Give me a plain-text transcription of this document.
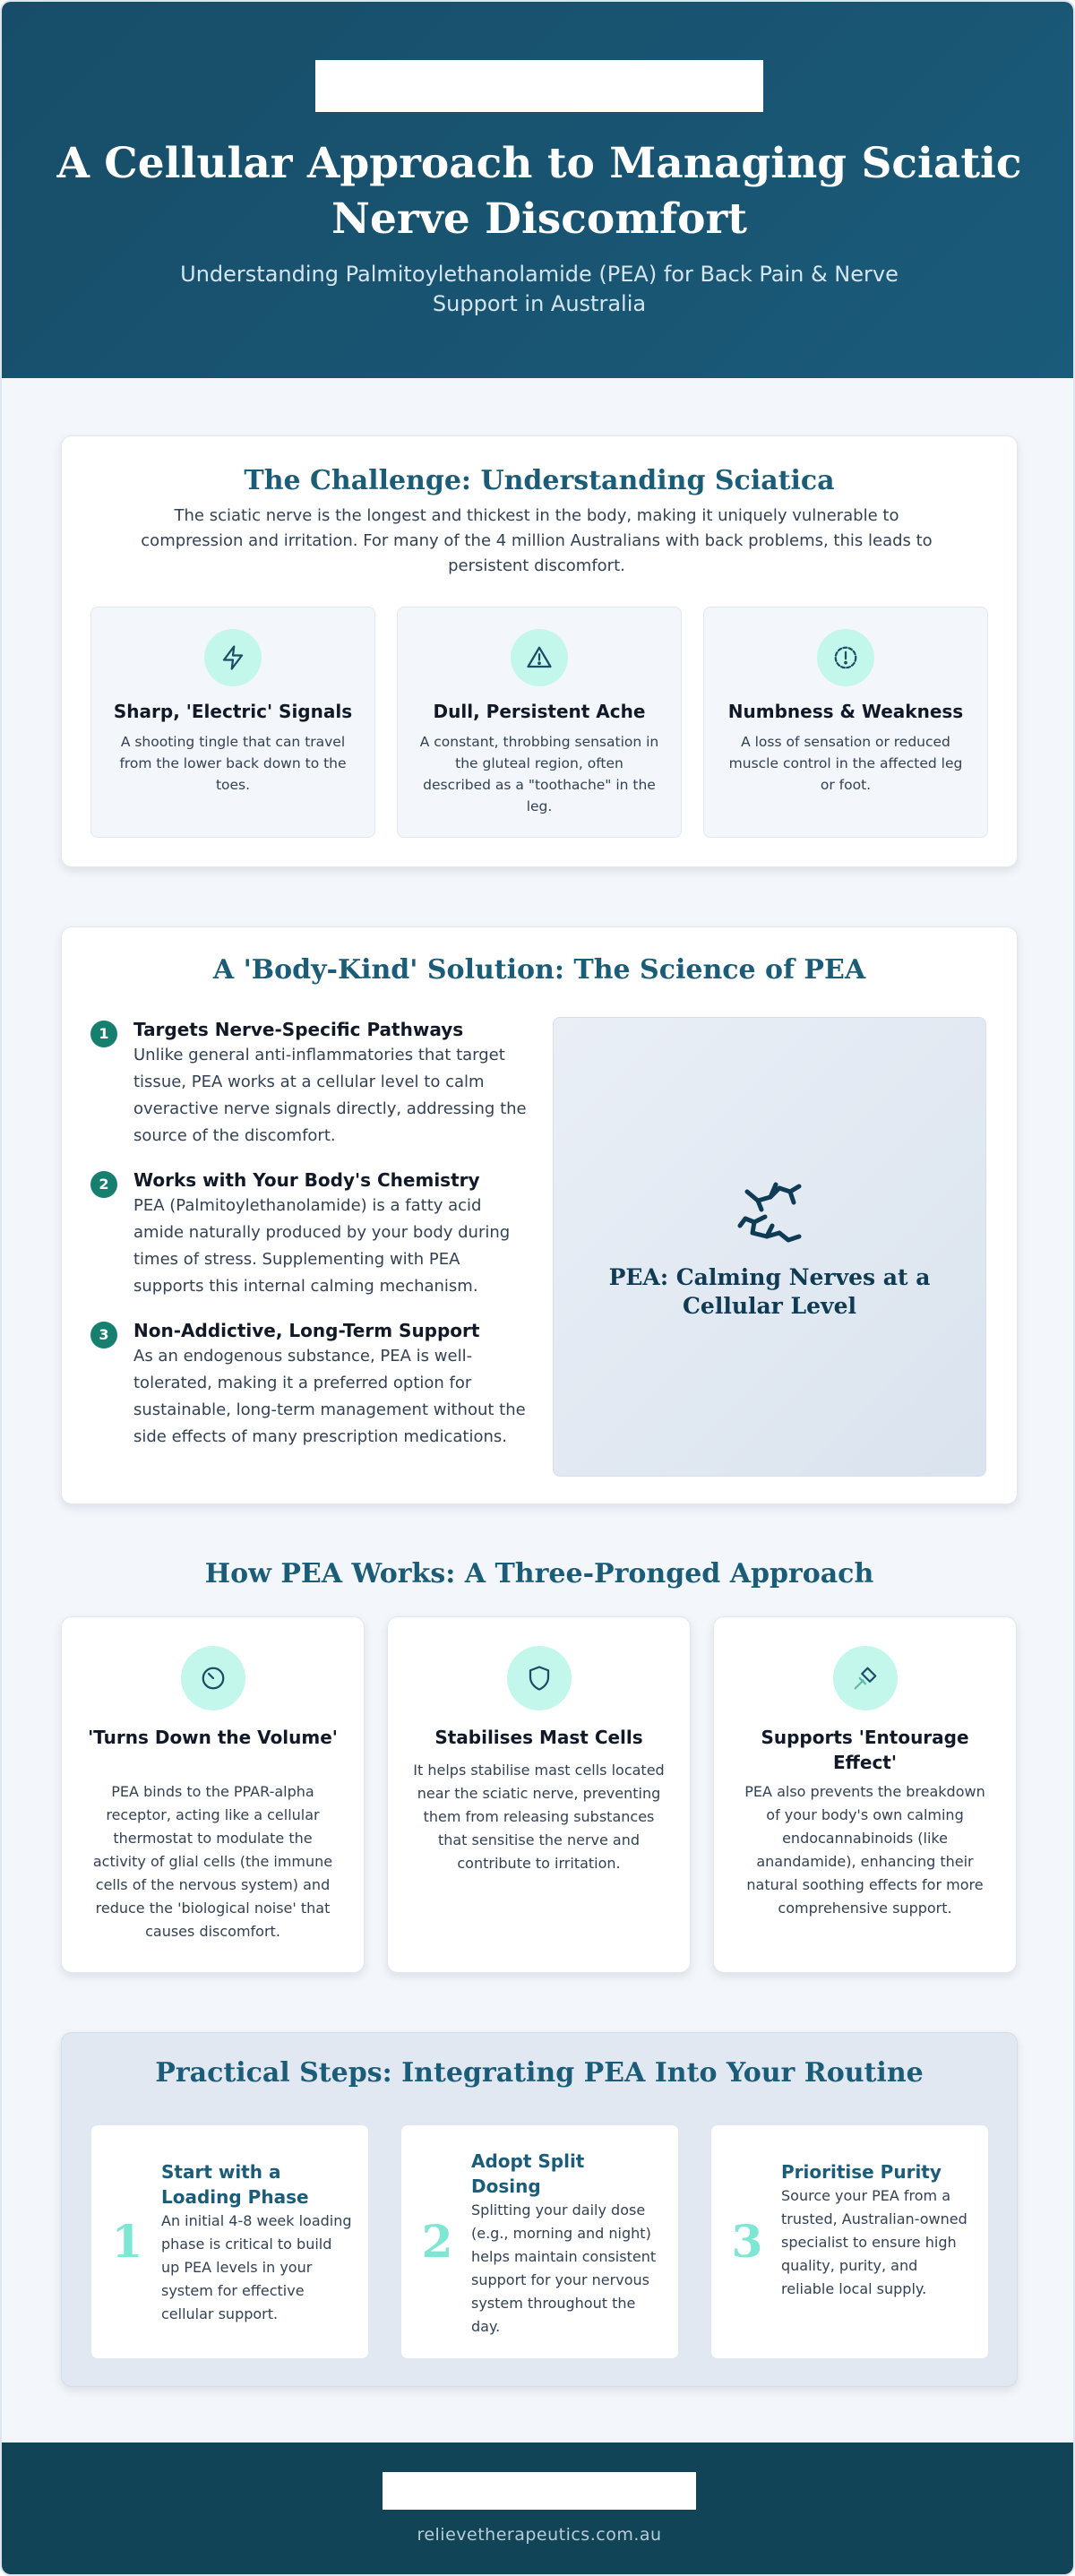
A Cellular Approach to Managing Sciatic Nerve Discomfort
Understanding Palmitoylethanolamide (PEA) for Back Pain & Nerve Support in Australia
The Challenge: Understanding Sciatica
The sciatic nerve is the longest and thickest in the body, making it uniquely vulnerable to compression and irritation. For many of the 4 million Australians with back problems, this leads to persistent discomfort.
Sharp, 'Electric' Signals
A shooting tingle that can travel from the lower back down to the toes.
Dull, Persistent Ache
A constant, throbbing sensation in the gluteal region, often described as a "toothache" in the leg.
Numbness & Weakness
A loss of sensation or reduced muscle control in the affected leg or foot.
A 'Body-Kind' Solution: The Science of PEA
1	Targets Nerve-Specific Pathways
Unlike general anti-inflammatories that target tissue, PEA works at a cellular level to calm overactive nerve signals directly, addressing the source of the discomfort.
2	Works with Your Body's Chemistry
PEA (Palmitoylethanolamide) is a fatty acid amide naturally produced by your body during times of stress. Supplementing with PEA supports this internal calming mechanism.
3	Non-Addictive, Long-Term Support
As an endogenous substance, PEA is well-tolerated, making it a preferred option for sustainable, long-term management without the side effects of many prescription medications.
PEA: Calming Nerves at a Cellular Level
How PEA Works: A Three-Pronged Approach
'Turns Down the Volume'
PEA binds to the PPAR-alpha receptor, acting like a cellular thermostat to modulate the activity of glial cells (the immune cells of the nervous system) and reduce the 'biological noise' that causes discomfort.
Stabilises Mast Cells
It helps stabilise mast cells located near the sciatic nerve, preventing them from releasing substances that sensitise the nerve and contribute to irritation.
Supports 'Entourage Effect'
PEA also prevents the breakdown of your body's own calming endocannabinoids (like anandamide), enhancing their natural soothing effects for more comprehensive support.
Practical Steps: Integrating PEA Into Your Routine
1
Start with a Loading Phase
An initial 4-8 week loading phase is critical to build up PEA levels in your system for effective cellular support.
2
Adopt Split Dosing
Splitting your daily dose (e.g., morning and night) helps maintain consistent support for your nervous system throughout the day.
3
Prioritise Purity
Source your PEA from a trusted, Australian-owned specialist to ensure high quality, purity, and reliable local supply.
relievetherapeutics.com.au
